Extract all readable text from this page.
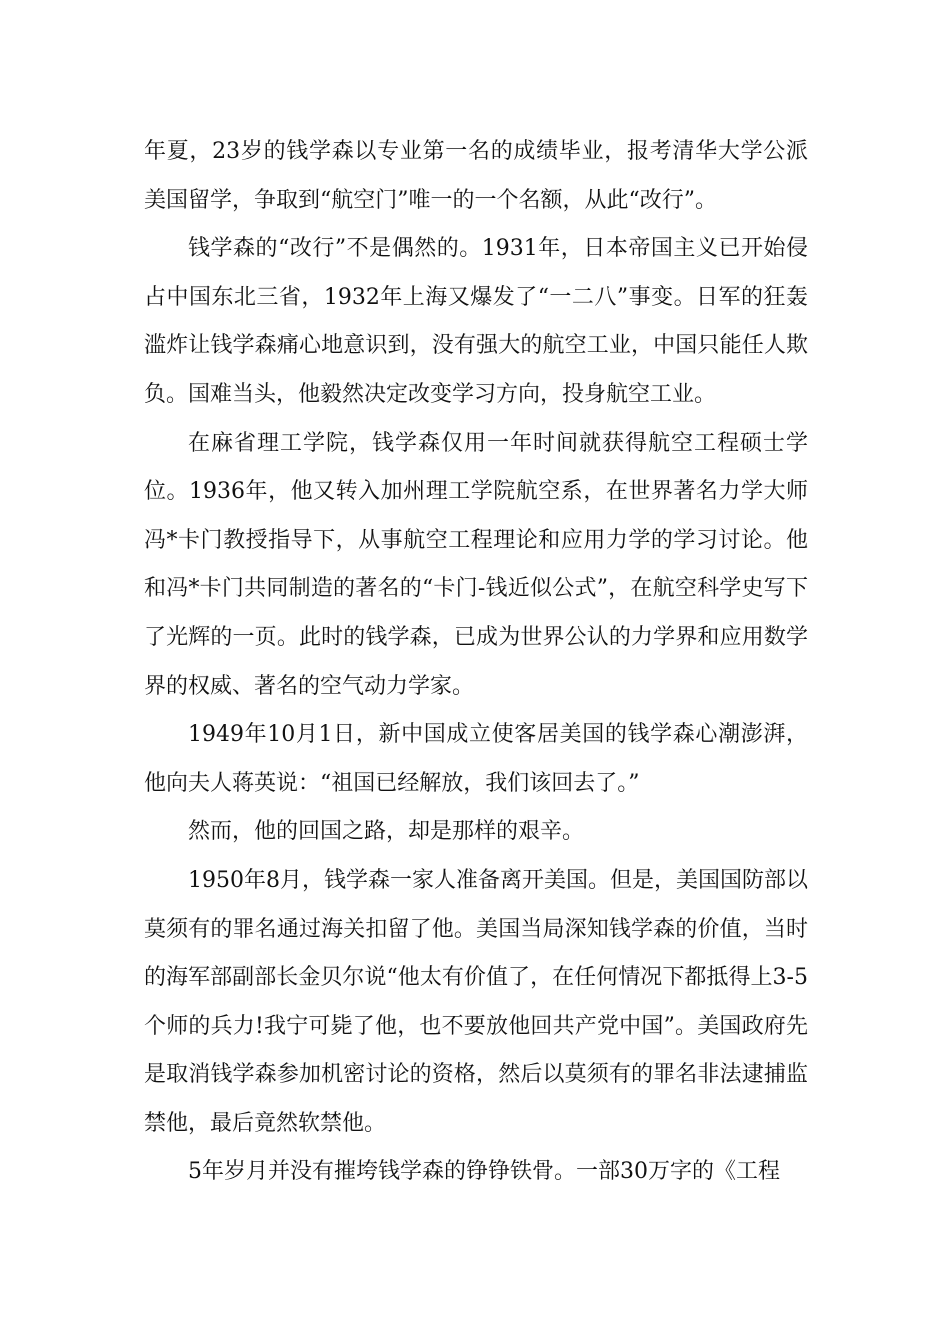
年夏，23岁的钱学森以专业第一名的成绩毕业，报考清华大学公派美国留学，争取到“航空门”唯一的一个名额，从此“改行”。

钱学森的“改行”不是偶然的。1931年，日本帝国主义已开始侵占中国东北三省，1932年上海又爆发了“一二八”事变。日军的狂轰滥炸让钱学森痛心地意识到，没有强大的航空工业，中国只能任人欺负。国难当头，他毅然决定改变学习方向，投身航空工业。

在麻省理工学院，钱学森仅用一年时间就获得航空工程硕士学位。1936年，他又转入加州理工学院航空系，在世界著名力学大师冯*卡门教授指导下，从事航空工程理论和应用力学的学习讨论。他和冯*卡门共同制造的著名的“卡门-钱近似公式”，在航空科学史写下了光辉的一页。此时的钱学森，已成为世界公认的力学界和应用数学界的权威、著名的空气动力学家。

1949年10月1日，新中国成立使客居美国的钱学森心潮澎湃，他向夫人蒋英说：“祖国已经解放，我们该回去了。”

然而，他的回国之路，却是那样的艰辛。

1950年8月，钱学森一家人准备离开美国。但是，美国国防部以莫须有的罪名通过海关扣留了他。美国当局深知钱学森的价值，当时的海军部副部长金贝尔说“他太有价值了，在任何情况下都抵得上3-5个师的兵力!我宁可毙了他，也不要放他回共产党中国”。美国政府先是取消钱学森参加机密讨论的资格，然后以莫须有的罪名非法逮捕监禁他，最后竟然软禁他。

5年岁月并没有摧垮钱学森的铮铮铁骨。一部30万字的《工程
